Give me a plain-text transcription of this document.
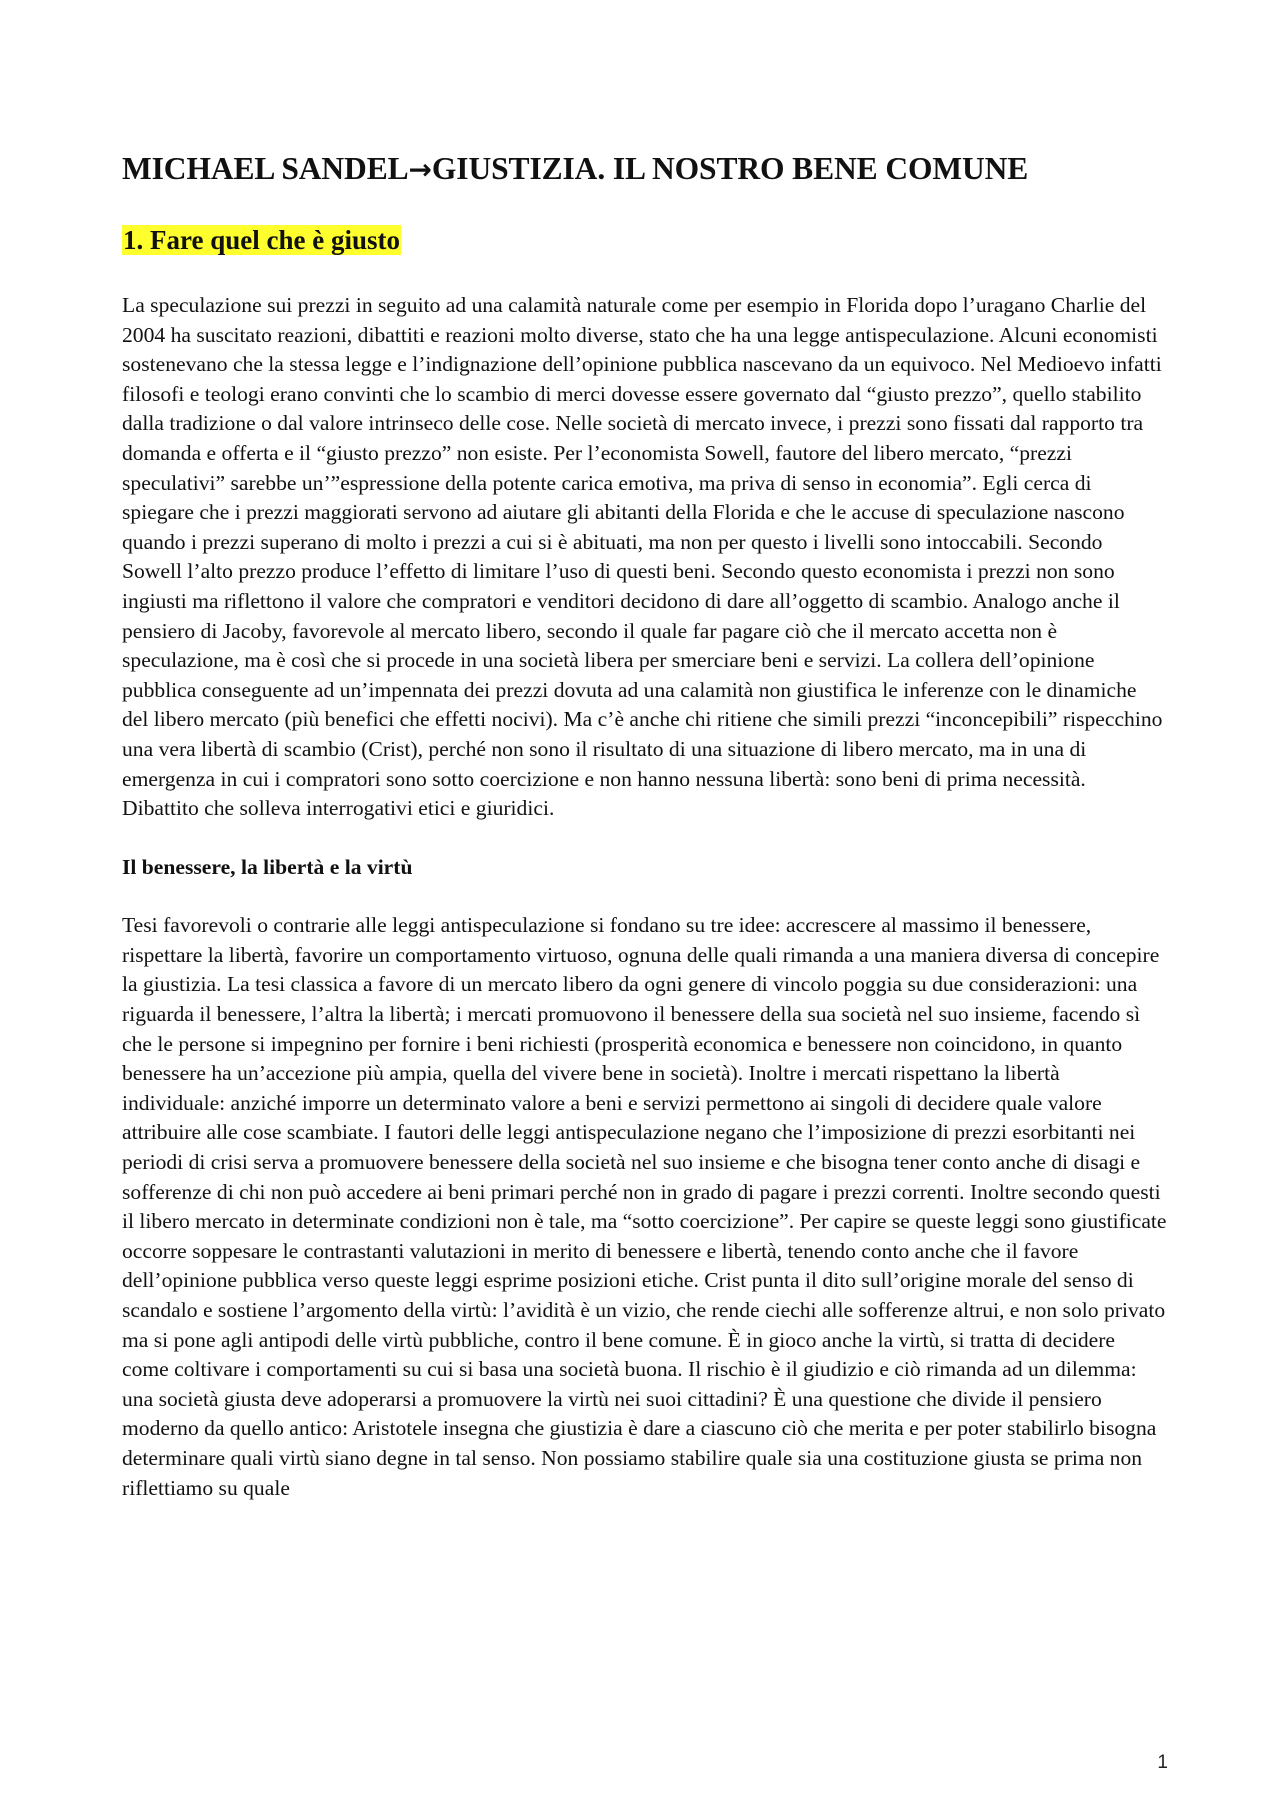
MICHAEL SANDEL→GIUSTIZIA. IL NOSTRO BENE COMUNE
1. Fare quel che è giusto

La speculazione sui prezzi in seguito ad una calamità naturale come per esempio in Florida dopo l’uragano Charlie del 2004 ha suscitato reazioni, dibattiti e reazioni molto diverse, stato che ha una legge antispeculazione. Alcuni economisti sostenevano che la stessa legge e l’indignazione dell’opinione pubblica nascevano da un equivoco. Nel Medioevo infatti filosofi e teologi erano convinti che lo scambio di merci dovesse essere governato dal “giusto prezzo”, quello stabilito dalla tradizione o dal valore intrinseco delle cose. Nelle società di mercato invece, i prezzi sono fissati dal rapporto tra domanda e offerta e il “giusto prezzo” non esiste. Per l’economista Sowell, fautore del libero mercato, “prezzi speculativi” sarebbe un’”espressione della potente carica emotiva, ma priva di senso in economia”. Egli cerca di spiegare che i prezzi maggiorati servono ad aiutare gli abitanti della Florida e che le accuse di speculazione nascono quando i prezzi superano di molto i prezzi a cui si è abituati, ma non per questo i livelli sono intoccabili. Secondo Sowell l’alto prezzo produce l’effetto di limitare l’uso di questi beni. Secondo questo economista i prezzi non sono ingiusti ma riflettono il valore che compratori e venditori decidono di dare all’oggetto di scambio. Analogo anche il pensiero di Jacoby, favorevole al mercato libero, secondo il quale far pagare ciò che il mercato accetta non è speculazione, ma è così che si procede in una società libera per smerciare beni e servizi. La collera dell’opinione pubblica conseguente ad un’impennata dei prezzi dovuta ad una calamità non giustifica le inferenze con le dinamiche del libero mercato (più benefici che effetti nocivi). Ma c’è anche chi ritiene che simili prezzi “inconcepibili” rispecchino una vera libertà di scambio (Crist), perché non sono il risultato di una situazione di libero mercato, ma in una di emergenza in cui i compratori sono sotto coercizione e non hanno nessuna libertà: sono beni di prima necessità. Dibattito che solleva interrogativi etici e giuridici.

Il benessere, la libertà e la virtù

Tesi favorevoli o contrarie alle leggi antispeculazione si fondano su tre idee: accrescere al massimo il benessere, rispettare la libertà, favorire un comportamento virtuoso, ognuna delle quali rimanda a una maniera diversa di concepire la giustizia. La tesi classica a favore di un mercato libero da ogni genere di vincolo poggia su due considerazioni: una riguarda il benessere, l’altra la libertà; i mercati promuovono il benessere della sua società nel suo insieme, facendo sì che le persone si impegnino per fornire i beni richiesti (prosperità economica e benessere non coincidono, in quanto benessere ha un’accezione più ampia, quella del vivere bene in società). Inoltre i mercati rispettano la libertà individuale: anziché imporre un determinato valore a beni e servizi permettono ai singoli di decidere quale valore attribuire alle cose scambiate. I fautori delle leggi antispeculazione negano che l’imposizione di prezzi esorbitanti nei periodi di crisi serva a promuovere benessere della società nel suo insieme e che bisogna tener conto anche di disagi e sofferenze di chi non può accedere ai beni primari perché non in grado di pagare i prezzi correnti. Inoltre secondo questi il libero mercato in determinate condizioni non è tale, ma “sotto coercizione”. Per capire se queste leggi sono giustificate occorre soppesare le contrastanti valutazioni in merito di benessere e libertà, tenendo conto anche che il favore dell’opinione pubblica verso queste leggi esprime posizioni etiche. Crist punta il dito sull’origine morale del senso di scandalo e sostiene l’argomento della virtù: l’avidità è un vizio, che rende ciechi alle sofferenze altrui, e non solo privato ma si pone agli antipodi delle virtù pubbliche, contro il bene comune. È in gioco anche la virtù, si tratta di decidere come coltivare i comportamenti su cui si basa una società buona. Il rischio è il giudizio e ciò rimanda ad un dilemma: una società giusta deve adoperarsi a promuovere la virtù nei suoi cittadini? È una questione che divide il pensiero moderno da quello antico: Aristotele insegna che giustizia è dare a ciascuno ciò che merita e per poter stabilirlo bisogna determinare quali virtù siano degne in tal senso. Non possiamo stabilire quale sia una costituzione giusta se prima non riflettiamo su quale

1
